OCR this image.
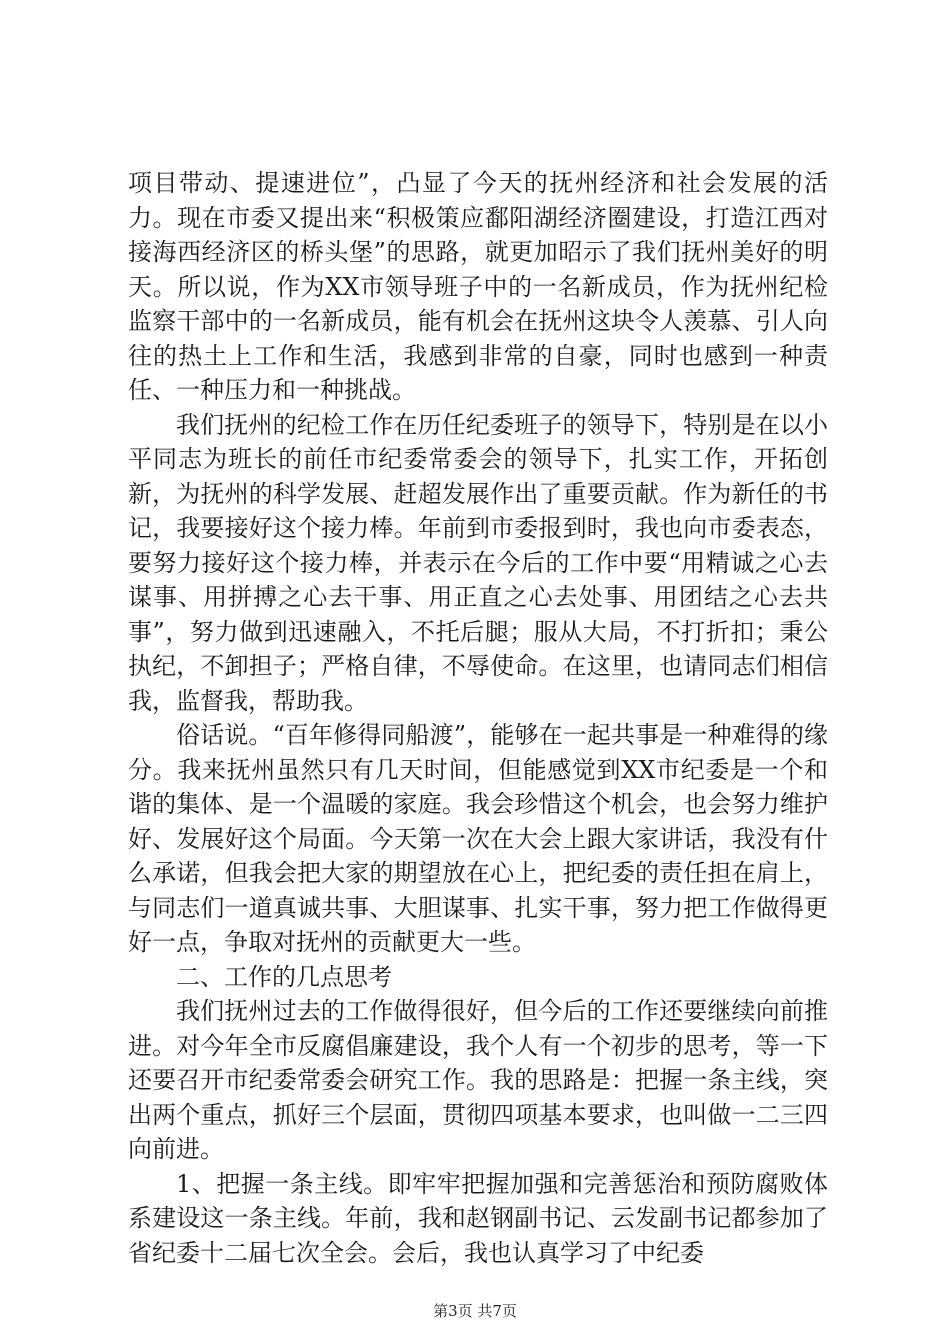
项目带动、提速进位”，凸显了今天的抚州经济和社会发展的活力。现在市委又提出来“积极策应鄱阳湖经济圈建设，打造江西对接海西经济区的桥头堡”的思路，就更加昭示了我们抚州美好的明天。所以说，作为XX市领导班子中的一名新成员，作为抚州纪检监察干部中的一名新成员，能有机会在抚州这块令人羡慕、引人向往的热土上工作和生活，我感到非常的自豪，同时也感到一种责任、一种压力和一种挑战。

我们抚州的纪检工作在历任纪委班子的领导下，特别是在以小平同志为班长的前任市纪委常委会的领导下，扎实工作，开拓创新，为抚州的科学发展、赶超发展作出了重要贡献。作为新任的书记，我要接好这个接力棒。年前到市委报到时，我也向市委表态，要努力接好这个接力棒，并表示在今后的工作中要“用精诚之心去谋事、用拼搏之心去干事、用正直之心去处事、用团结之心去共事”，努力做到迅速融入，不托后腿；服从大局，不打折扣；秉公执纪，不卸担子；严格自律，不辱使命。在这里，也请同志们相信我，监督我，帮助我。

俗话说。“百年修得同船渡”，能够在一起共事是一种难得的缘分。我来抚州虽然只有几天时间，但能感觉到XX市纪委是一个和谐的集体、是一个温暖的家庭。我会珍惜这个机会，也会努力维护好、发展好这个局面。今天第一次在大会上跟大家讲话，我没有什么承诺，但我会把大家的期望放在心上，把纪委的责任担在肩上，与同志们一道真诚共事、大胆谋事、扎实干事，努力把工作做得更好一点，争取对抚州的贡献更大一些。

二、工作的几点思考

我们抚州过去的工作做得很好，但今后的工作还要继续向前推进。对今年全市反腐倡廉建设，我个人有一个初步的思考，等一下还要召开市纪委常委会研究工作。我的思路是：把握一条主线，突出两个重点，抓好三个层面，贯彻四项基本要求，也叫做一二三四向前进。

1、把握一条主线。即牢牢把握加强和完善惩治和预防腐败体系建设这一条主线。年前，我和赵钢副书记、云发副书记都参加了省纪委十二届七次全会。会后，我也认真学习了中纪委

第3页 共7页
